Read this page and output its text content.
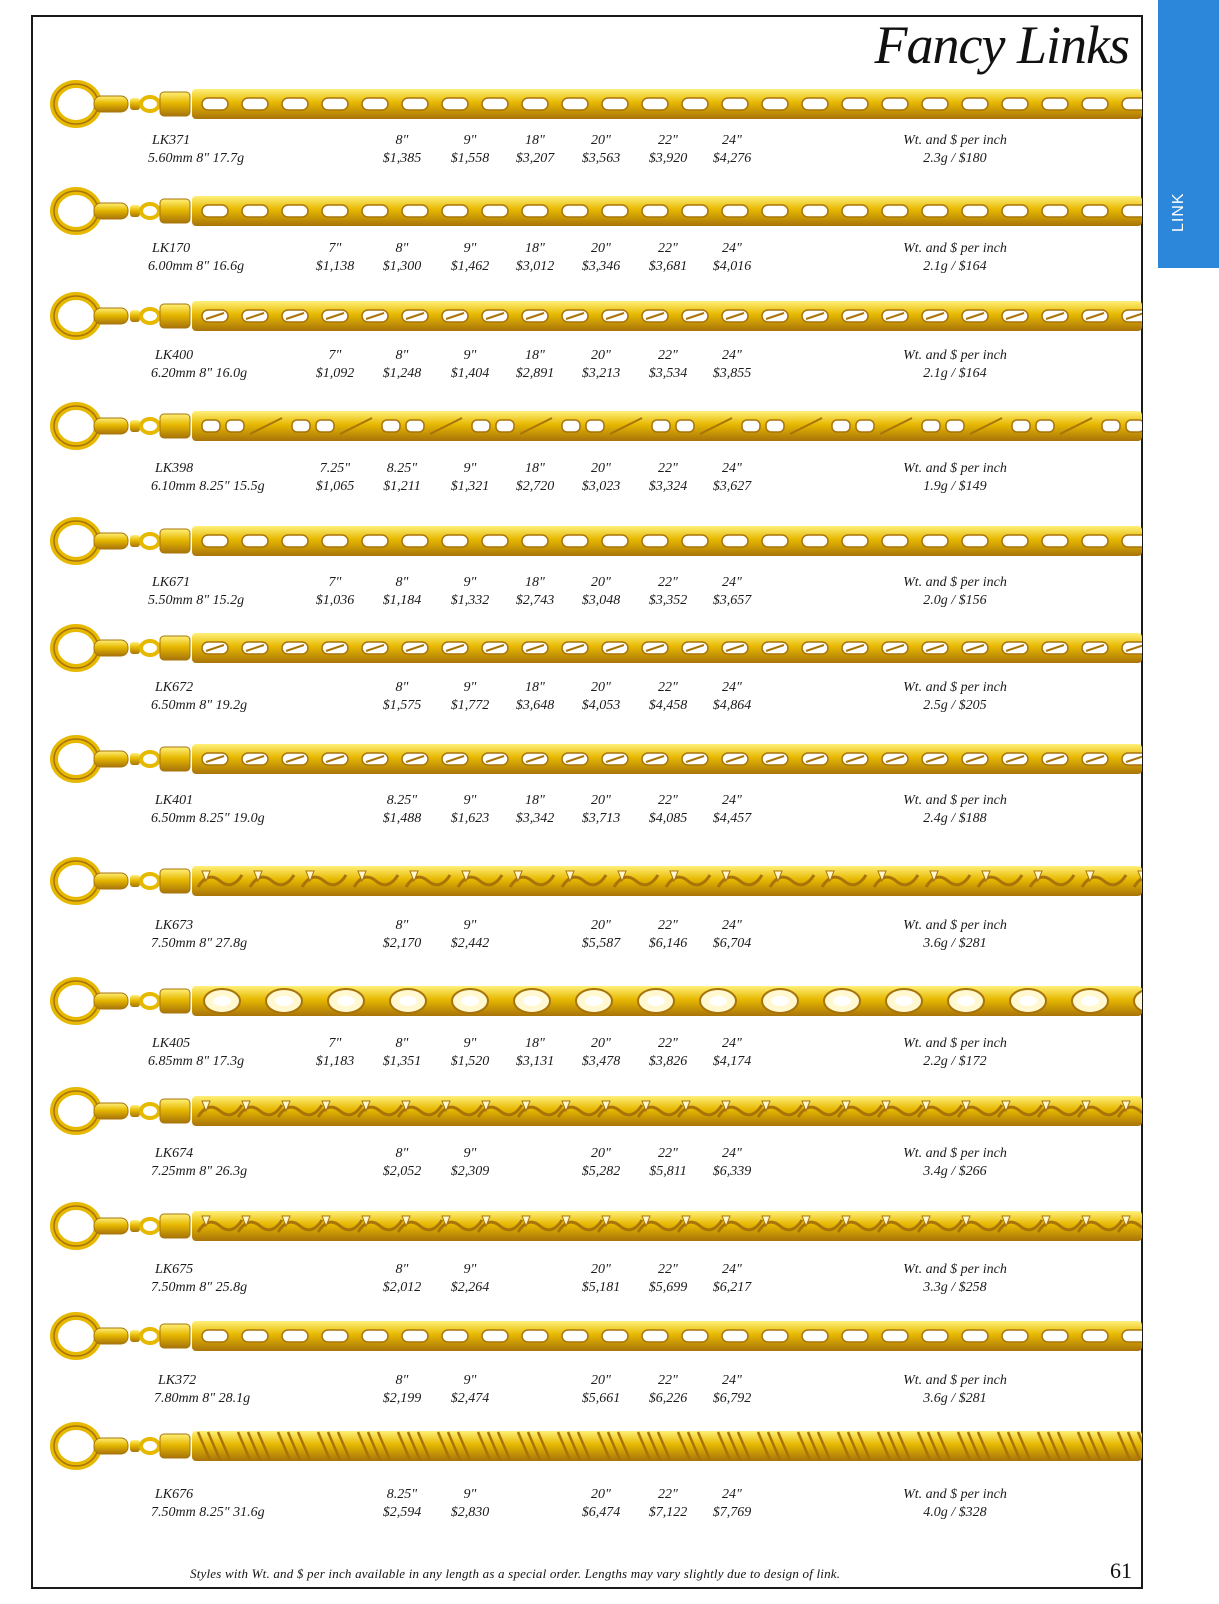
Fancy Links
LINK
LK371
5.60mm 8" 17.7g
8"
$1,385
9"
$1,558
18"
$3,207
20"
$3,563
22"
$3,920
24"
$4,276
Wt. and $ per inch
2.3g / $180
LK170
6.00mm 8" 16.6g
7"
$1,138
8"
$1,300
9"
$1,462
18"
$3,012
20"
$3,346
22"
$3,681
24"
$4,016
Wt. and $ per inch
2.1g / $164
LK400
6.20mm 8" 16.0g
7"
$1,092
8"
$1,248
9"
$1,404
18"
$2,891
20"
$3,213
22"
$3,534
24"
$3,855
Wt. and $ per inch
2.1g / $164
LK398
6.10mm 8.25" 15.5g
7.25"
$1,065
8.25"
$1,211
9"
$1,321
18"
$2,720
20"
$3,023
22"
$3,324
24"
$3,627
Wt. and $ per inch
1.9g / $149
LK671
5.50mm 8" 15.2g
7"
$1,036
8"
$1,184
9"
$1,332
18"
$2,743
20"
$3,048
22"
$3,352
24"
$3,657
Wt. and $ per inch
2.0g / $156
LK672
6.50mm 8" 19.2g
8"
$1,575
9"
$1,772
18"
$3,648
20"
$4,053
22"
$4,458
24"
$4,864
Wt. and $ per inch
2.5g / $205
LK401
6.50mm 8.25" 19.0g
8.25"
$1,488
9"
$1,623
18"
$3,342
20"
$3,713
22"
$4,085
24"
$4,457
Wt. and $ per inch
2.4g / $188
LK673
7.50mm 8" 27.8g
8"
$2,170
9"
$2,442
20"
$5,587
22"
$6,146
24"
$6,704
Wt. and $ per inch
3.6g / $281
LK405
6.85mm 8" 17.3g
7"
$1,183
8"
$1,351
9"
$1,520
18"
$3,131
20"
$3,478
22"
$3,826
24"
$4,174
Wt. and $ per inch
2.2g / $172
LK674
7.25mm 8" 26.3g
8"
$2,052
9"
$2,309
20"
$5,282
22"
$5,811
24"
$6,339
Wt. and $ per inch
3.4g / $266
LK675
7.50mm 8" 25.8g
8"
$2,012
9"
$2,264
20"
$5,181
22"
$5,699
24"
$6,217
Wt. and $ per inch
3.3g / $258
LK372
7.80mm 8" 28.1g
8"
$2,199
9"
$2,474
20"
$5,661
22"
$6,226
24"
$6,792
Wt. and $ per inch
3.6g / $281
LK676
7.50mm 8.25" 31.6g
8.25"
$2,594
9"
$2,830
20"
$6,474
22"
$7,122
24"
$7,769
Wt. and $ per inch
4.0g / $328
Styles with Wt. and $ per inch available in any length as a special order. Lengths may vary slightly due to design of link.	61
